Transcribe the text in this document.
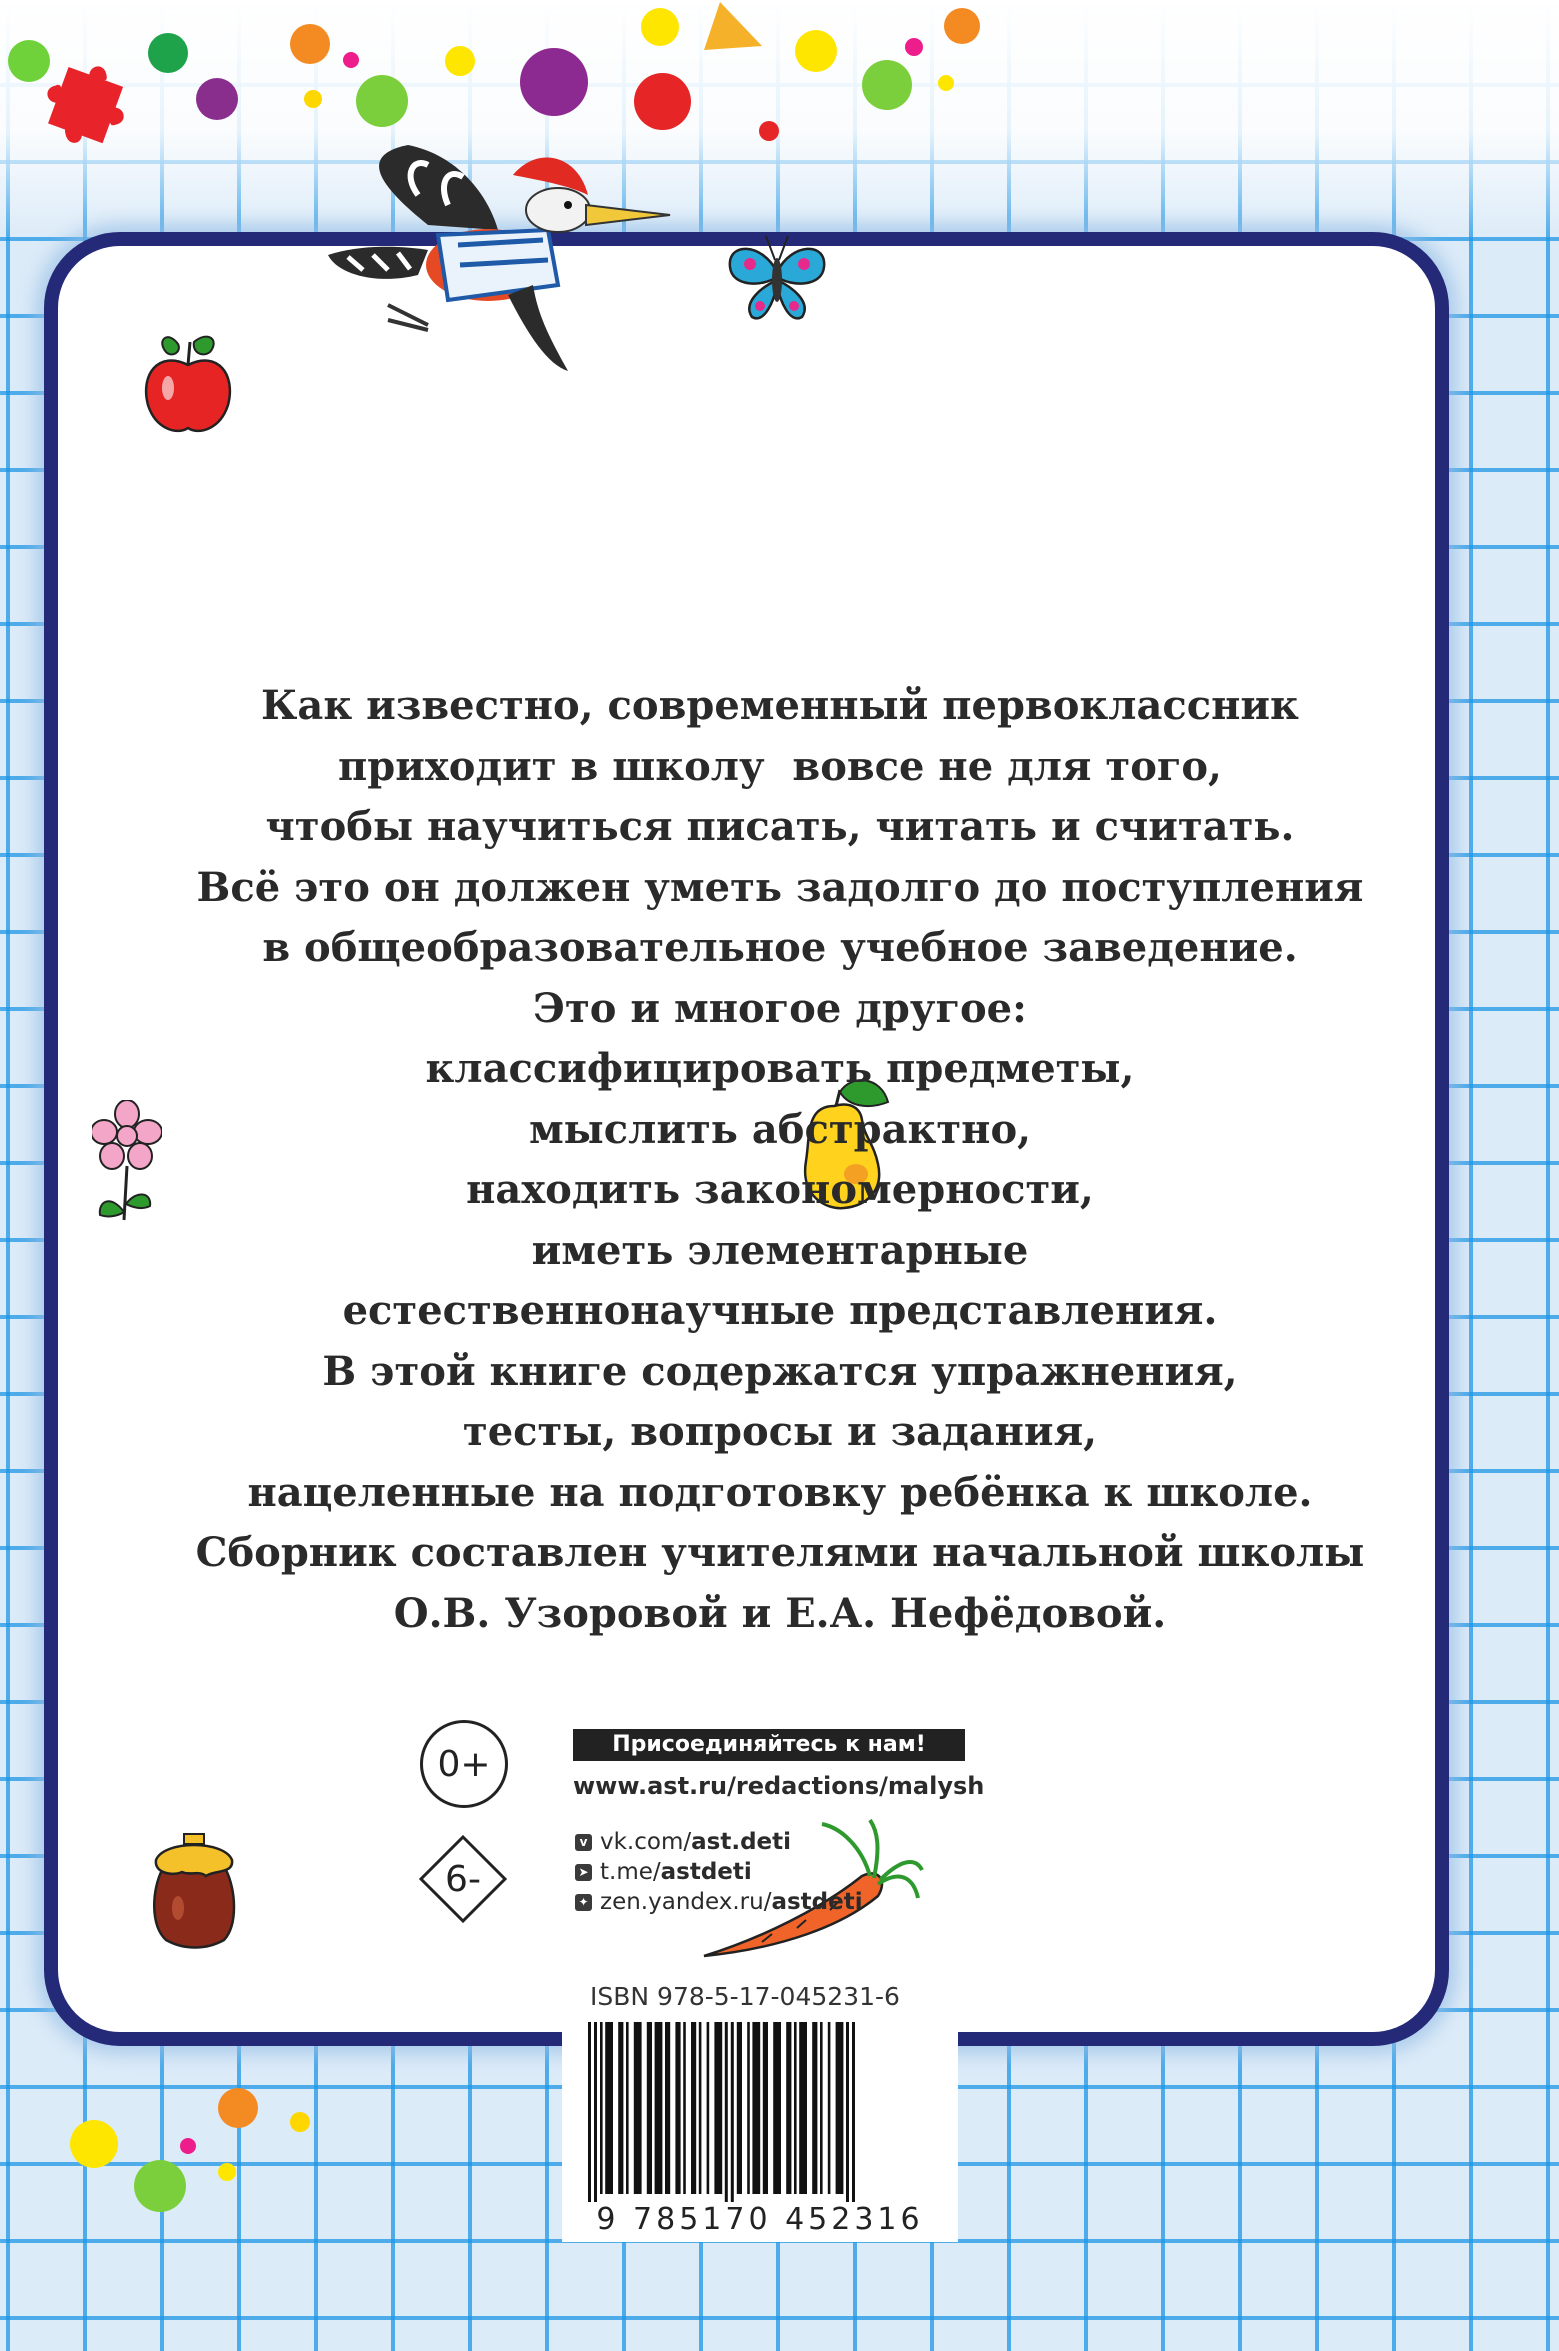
Как известно, современный первоклассник
приходит в школу  вовсе не для того,
чтобы научиться писать, читать и считать.
Всё это он должен уметь задолго до поступления
в общеобразовательное учебное заведение.
Это и многое другое:
классифицировать предметы,
мыслить абстрактно,
находить закономерности,
иметь элементарные
естественнонаучные представления.
В этой книге содержатся упражнения,
тесты, вопросы и задания,
нацеленные на подготовку ребёнка к школе.
Сборник составлен учителями начальной школы
О.В. Узоровой и Е.А. Нефёдовой.
0+
6-
Присоединяйтесь к нам!
www.ast.ru/redactions/malysh
v vk.com/ ast.deti
➤ t.me/ astdeti
✦ zen.yandex.ru/ astdeti
ISBN 978-5-17-045231-6
9 785170 452316
